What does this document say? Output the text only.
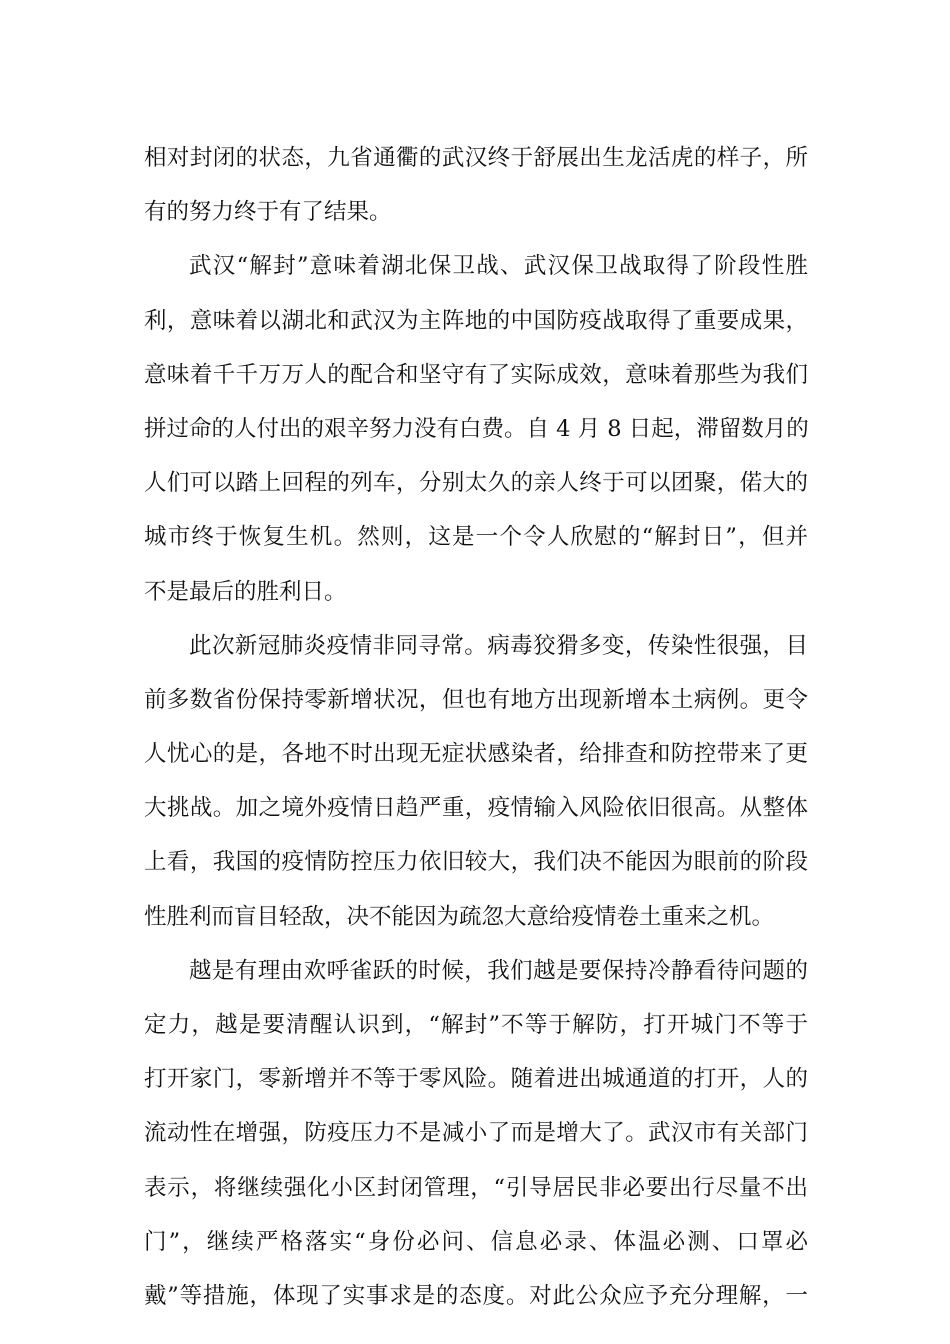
相对封闭的状态，九省通衢的武汉终于舒展出生龙活虎的样子，所
有的努力终于有了结果。
武汉“解封”意味着湖北保卫战、武汉保卫战取得了阶段性胜
利，意味着以湖北和武汉为主阵地的中国防疫战取得了重要成果，
意味着千千万万人的配合和坚守有了实际成效，意味着那些为我们
拼过命的人付出的艰辛努力没有白费。自 4 月 8 日起，滞留数月的
人们可以踏上回程的列车，分别太久的亲人终于可以团聚，偌大的
城市终于恢复生机。然则，这是一个令人欣慰的“解封日”，但并
不是最后的胜利日。
此次新冠肺炎疫情非同寻常。病毒狡猾多变，传染性很强，目
前多数省份保持零新增状况，但也有地方出现新增本土病例。更令
人忧心的是，各地不时出现无症状感染者，给排查和防控带来了更
大挑战。加之境外疫情日趋严重，疫情输入风险依旧很高。从整体
上看，我国的疫情防控压力依旧较大，我们决不能因为眼前的阶段
性胜利而盲目轻敌，决不能因为疏忽大意给疫情卷土重来之机。
越是有理由欢呼雀跃的时候，我们越是要保持冷静看待问题的
定力，越是要清醒认识到，“解封”不等于解防，打开城门不等于
打开家门，零新增并不等于零风险。随着进出城通道的打开，人的
流动性在增强，防疫压力不是减小了而是增大了。武汉市有关部门
表示，将继续强化小区封闭管理，“引导居民非必要出行尽量不出
门”，继续严格落实“身份必问、信息必录、体温必测、口罩必
戴”等措施，体现了实事求是的态度。对此公众应予充分理解，一
